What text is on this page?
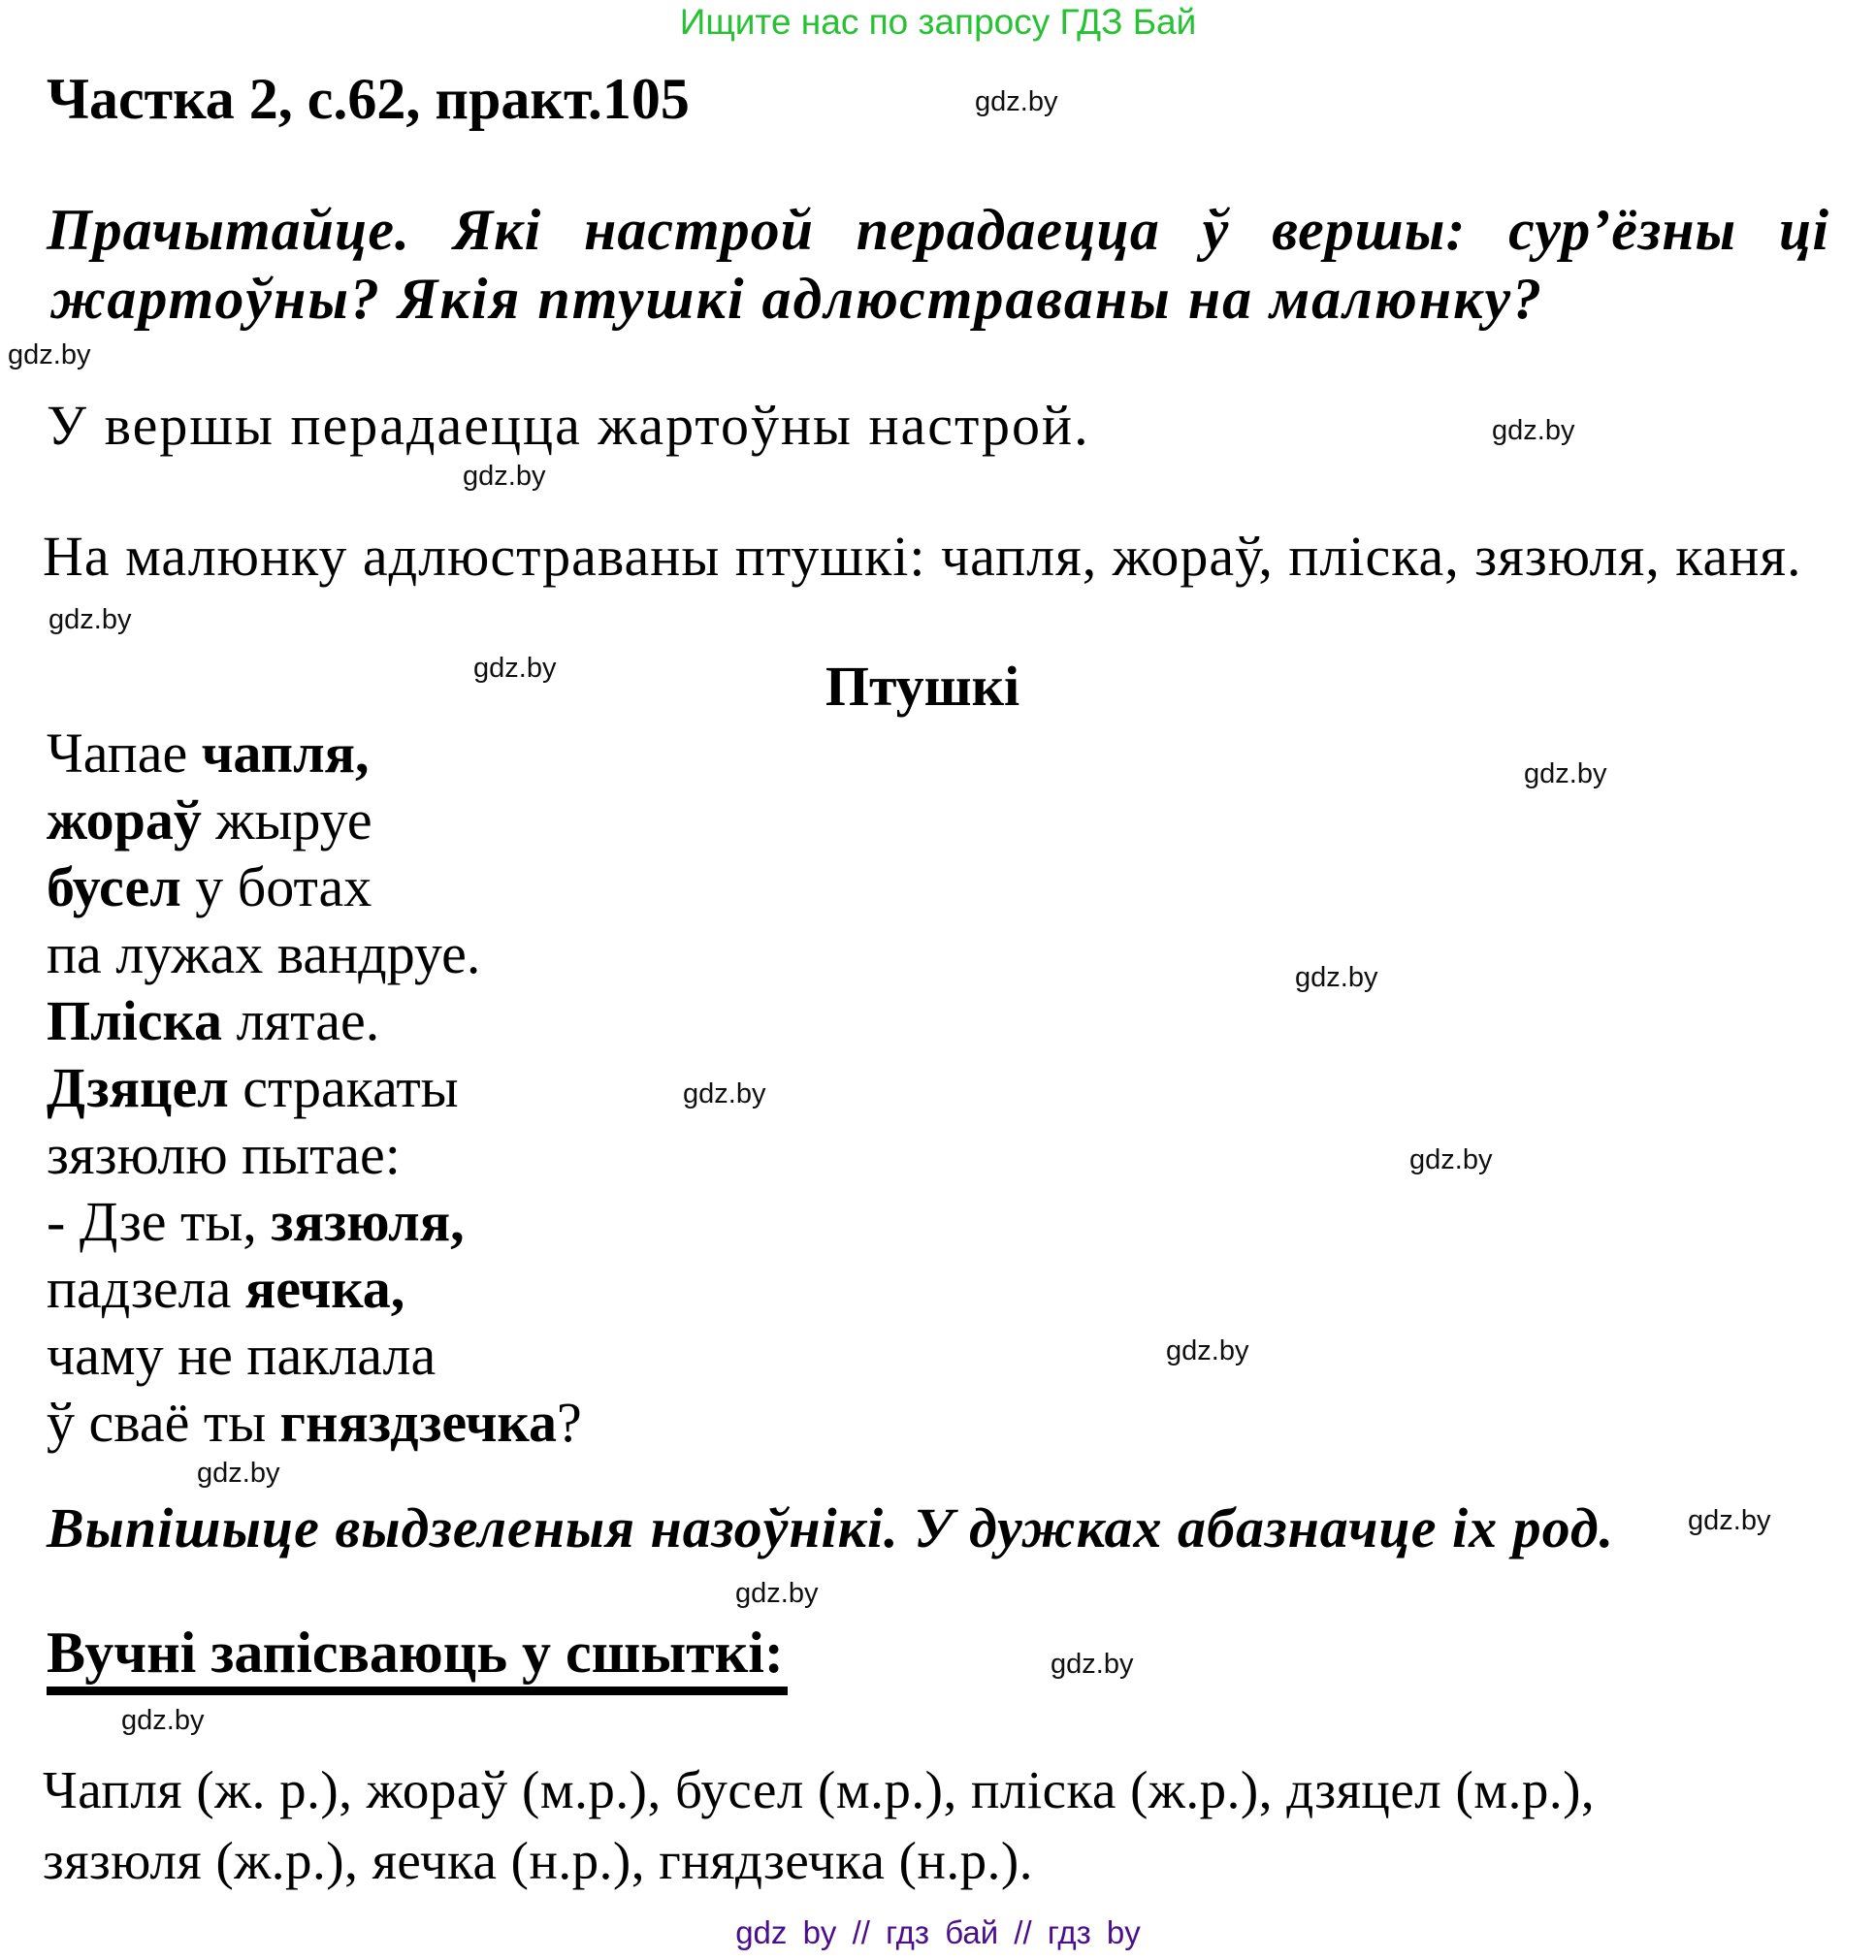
Ищите нас по запросу ГДЗ Бай
Частка 2, с.62, практ.105	gdz.by
Прачытайце. Які настрой перадаецца ў вершы: сур’ёзны ці
жартоўны? Якія птушкі адлюстраваны на малюнку?
gdz.by
У вершы перадаецца жартоўны настрой.	gdz.by
gdz.by
На малюнку адлюстраваны птушкі: чапля, жораў, пліска, зязюля, каня.
gdz.by
gdz.by	Птушкі
Чапае чапля,
жораў жыруе
бусел у ботах
па лужах вандруе.
Пліска лятае.
Дзяцел стракаты
зязюлю пытае:
- Дзе ты, зязюля,
падзела яечка,
чаму не паклала
ў сваё ты гняздзечка?
gdz.by
gdz.by
gdz.by
gdz.by
gdz.by
gdz.by
Выпішыце выдзеленыя назоўнікі. У дужках абазначце іх род.	gdz.by
gdz.by
Вучні запісваюць у сшыткі:	gdz.by
gdz.by
Чапля (ж. р.), жораў (м.р.), бусел (м.р.), пліска (ж.р.), дзяцел (м.р.),
зязюля (ж.р.), яечка (н.р.), гнядзечка (н.р.).
gdz by // гдз бай // гдз by
